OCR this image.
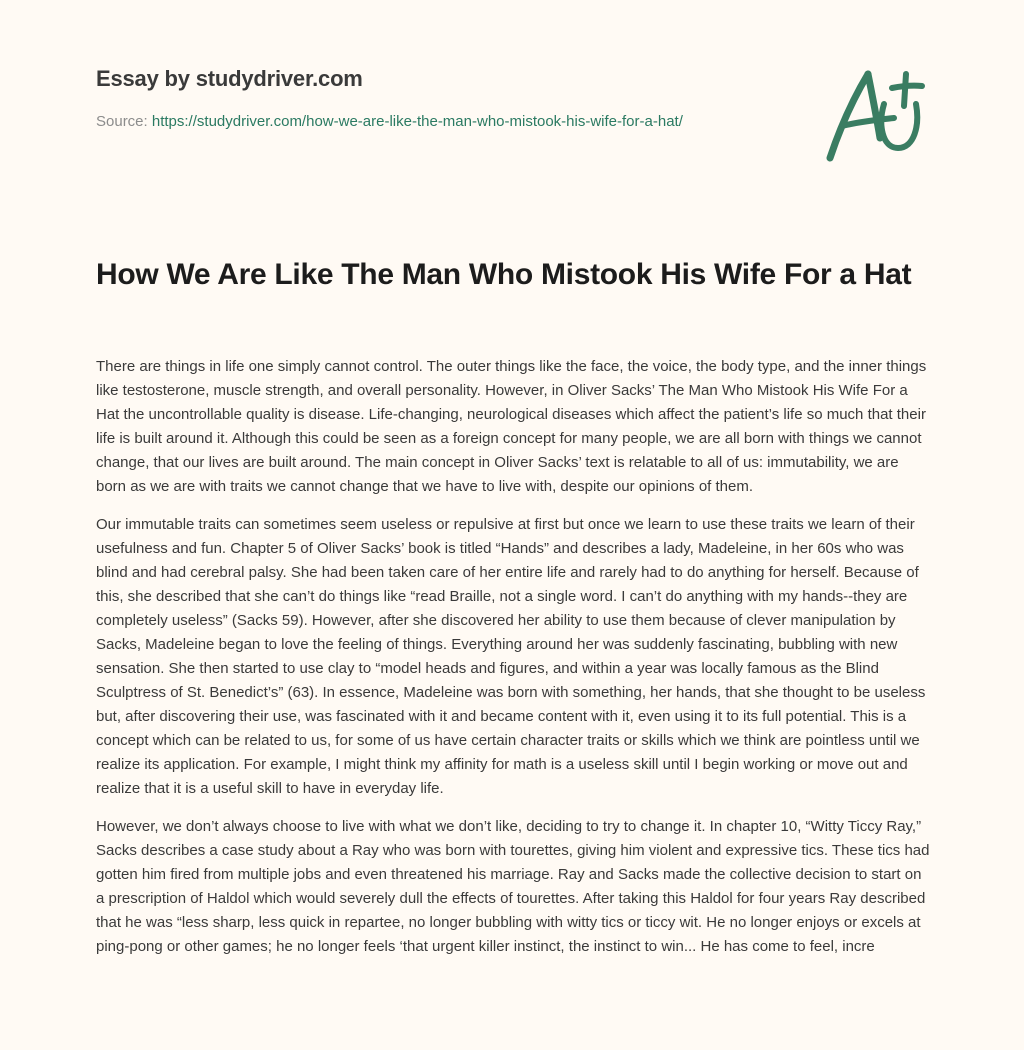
Essay by studydriver.com
Source: https://studydriver.com/how-we-are-like-the-man-who-mistook-his-wife-for-a-hat/
How We Are Like The Man Who Mistook His Wife For a Hat

There are things in life one simply cannot control. The outer things like the face, the voice, the body type, and the inner things like testosterone, muscle strength, and overall personality. However, in Oliver Sacks’ The Man Who Mistook His Wife For a Hat the uncontrollable quality is disease. Life-changing, neurological diseases which affect the patient’s life so much that their life is built around it. Although this could be seen as a foreign concept for many people, we are all born with things we cannot change, that our lives are built around. The main concept in Oliver Sacks’ text is relatable to all of us: immutability, we are born as we are with traits we cannot change that we have to live with, despite our opinions of them.

Our immutable traits can sometimes seem useless or repulsive at first but once we learn to use these traits we learn of their usefulness and fun. Chapter 5 of Oliver Sacks’ book is titled “Hands” and describes a lady, Madeleine, in her 60s who was blind and had cerebral palsy. She had been taken care of her entire life and rarely had to do anything for herself. Because of this, she described that she can’t do things like “read Braille, not a single word. I can’t do anything with my hands--they are completely useless” (Sacks 59). However, after she discovered her ability to use them because of clever manipulation by Sacks, Madeleine began to love the feeling of things. Everything around her was suddenly fascinating, bubbling with new sensation. She then started to use clay to “model heads and figures, and within a year was locally famous as the Blind Sculptress of St. Benedict’s” (63). In essence, Madeleine was born with something, her hands, that she thought to be useless but, after discovering their use, was fascinated with it and became content with it, even using it to its full potential. This is a concept which can be related to us, for some of us have certain character traits or skills which we think are pointless until we realize its application. For example, I might think my affinity for math is a useless skill until I begin working or move out and realize that it is a useful skill to have in everyday life.

However, we don’t always choose to live with what we don’t like, deciding to try to change it. In chapter 10, “Witty Ticcy Ray,” Sacks describes a case study about a Ray who was born with tourettes, giving him violent and expressive tics. These tics had gotten him fired from multiple jobs and even threatened his marriage. Ray and Sacks made the collective decision to start on a prescription of Haldol which would severely dull the effects of tourettes. After taking this Haldol for four years Ray described that he was “less sharp, less quick in repartee, no longer bubbling with witty tics or ticcy wit. He no longer enjoys or excels at ping-pong or other games; he no longer feels ‘that urgent killer instinct, the instinct to win... He has come to feel, incre
